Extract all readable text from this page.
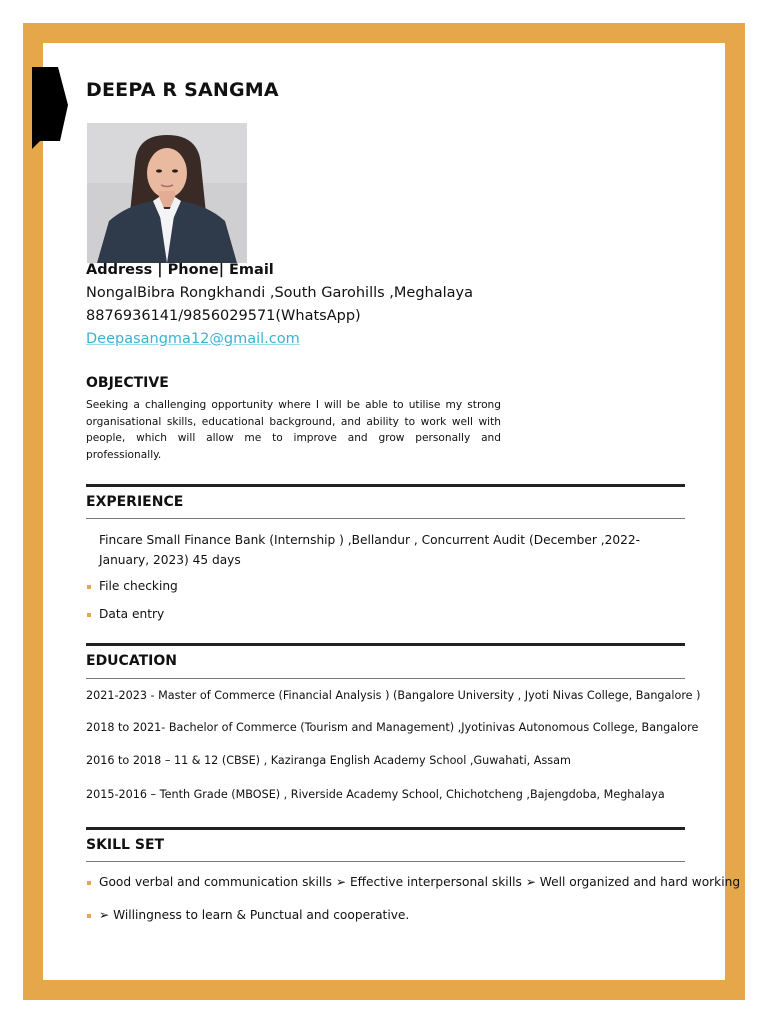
DEEPA R SANGMA
Address | Phone| Email
NongalBibra Rongkhandi ,South Garohills ,Meghalaya
8876936141/9856029571(WhatsApp)
Deepasangma12@gmail.com
OBJECTIVE
Seeking a challenging opportunity where I will be able to utilise my strong organisational skills, educational background, and ability to work well with people, which will allow me to improve and grow personally and professionally.
EXPERIENCE
Fincare Small Finance Bank (Internship ) ,Bellandur , Concurrent Audit (December ,2022-January, 2023) 45 days
File checking
Data entry
EDUCATION
2021-2023 - Master of Commerce (Financial Analysis ) (Bangalore University , Jyoti Nivas College, Bangalore )
2018 to 2021- Bachelor of Commerce (Tourism and Management) ,Jyotinivas Autonomous College, Bangalore
2016 to 2018 – 11 & 12 (CBSE) , Kaziranga English Academy School ,Guwahati, Assam
2015-2016 – Tenth Grade (MBOSE) , Riverside Academy School, Chichotcheng ,Bajengdoba, Meghalaya
SKILL SET
Good verbal and communication skills ➢ Effective interpersonal skills ➢ Well organized and hard working
➢ Willingness to learn & Punctual and cooperative.
